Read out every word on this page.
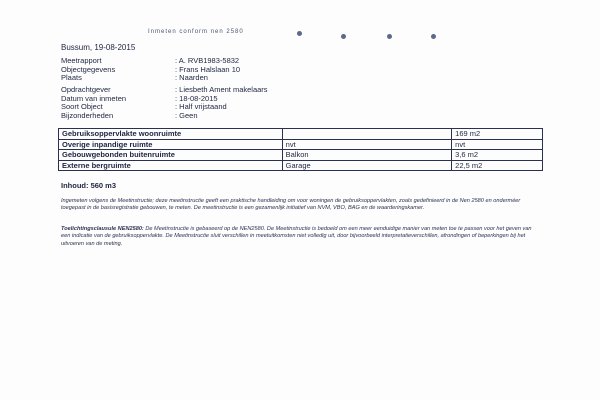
Inmeten conform nen 2580
Bussum, 19-08-2015
Meetrapport	: A. RVB1983-5832
Objectgegevens	: Frans Halslaan 10
Plaats	: Naarden
Opdrachtgever	: Liesbeth Ament makelaars
Datum van inmeten	: 18-08-2015
Soort Object	: Half vrijstaand
Bijzonderheden	: Geen
Gebruiksoppervlakte woonruimte		169 m2
Overige inpandige ruimte	nvt	nvt
Gebouwgebonden buitenruimte	Balkon	3,6 m2
Externe bergruimte	Garage	22,5 m2
Inhoud: 560 m3
Ingemeten volgens de Meetinstructie; deze meetinstructie geeft een praktische handleiding om voor woningen de gebruiksoppervlakten, zoals gedefinieerd in de Nen 2580 en onderméer toegepast in de basisregistratie gebouwen, te meten. De meetinstructie is een gezamenlijk initiatief van NVM, VBO, BAG en de waarderingskamer.
Toelichtingsclausule NEN2580: De Meetinstructie is gebaseerd op de NEN2580. De Meetinstructie is bedoeld om een meer eenduidige manier van meten toe te passen voor het geven van een indicatie van de gebruiksoppervlakte. De Meetinstructie sluit verschillen in meetuitkomsten niet volledig uit, door bijvoorbeeld interpretatieverschillen, afrondingen of beperkingen bij het uitvoeren van de meting.
